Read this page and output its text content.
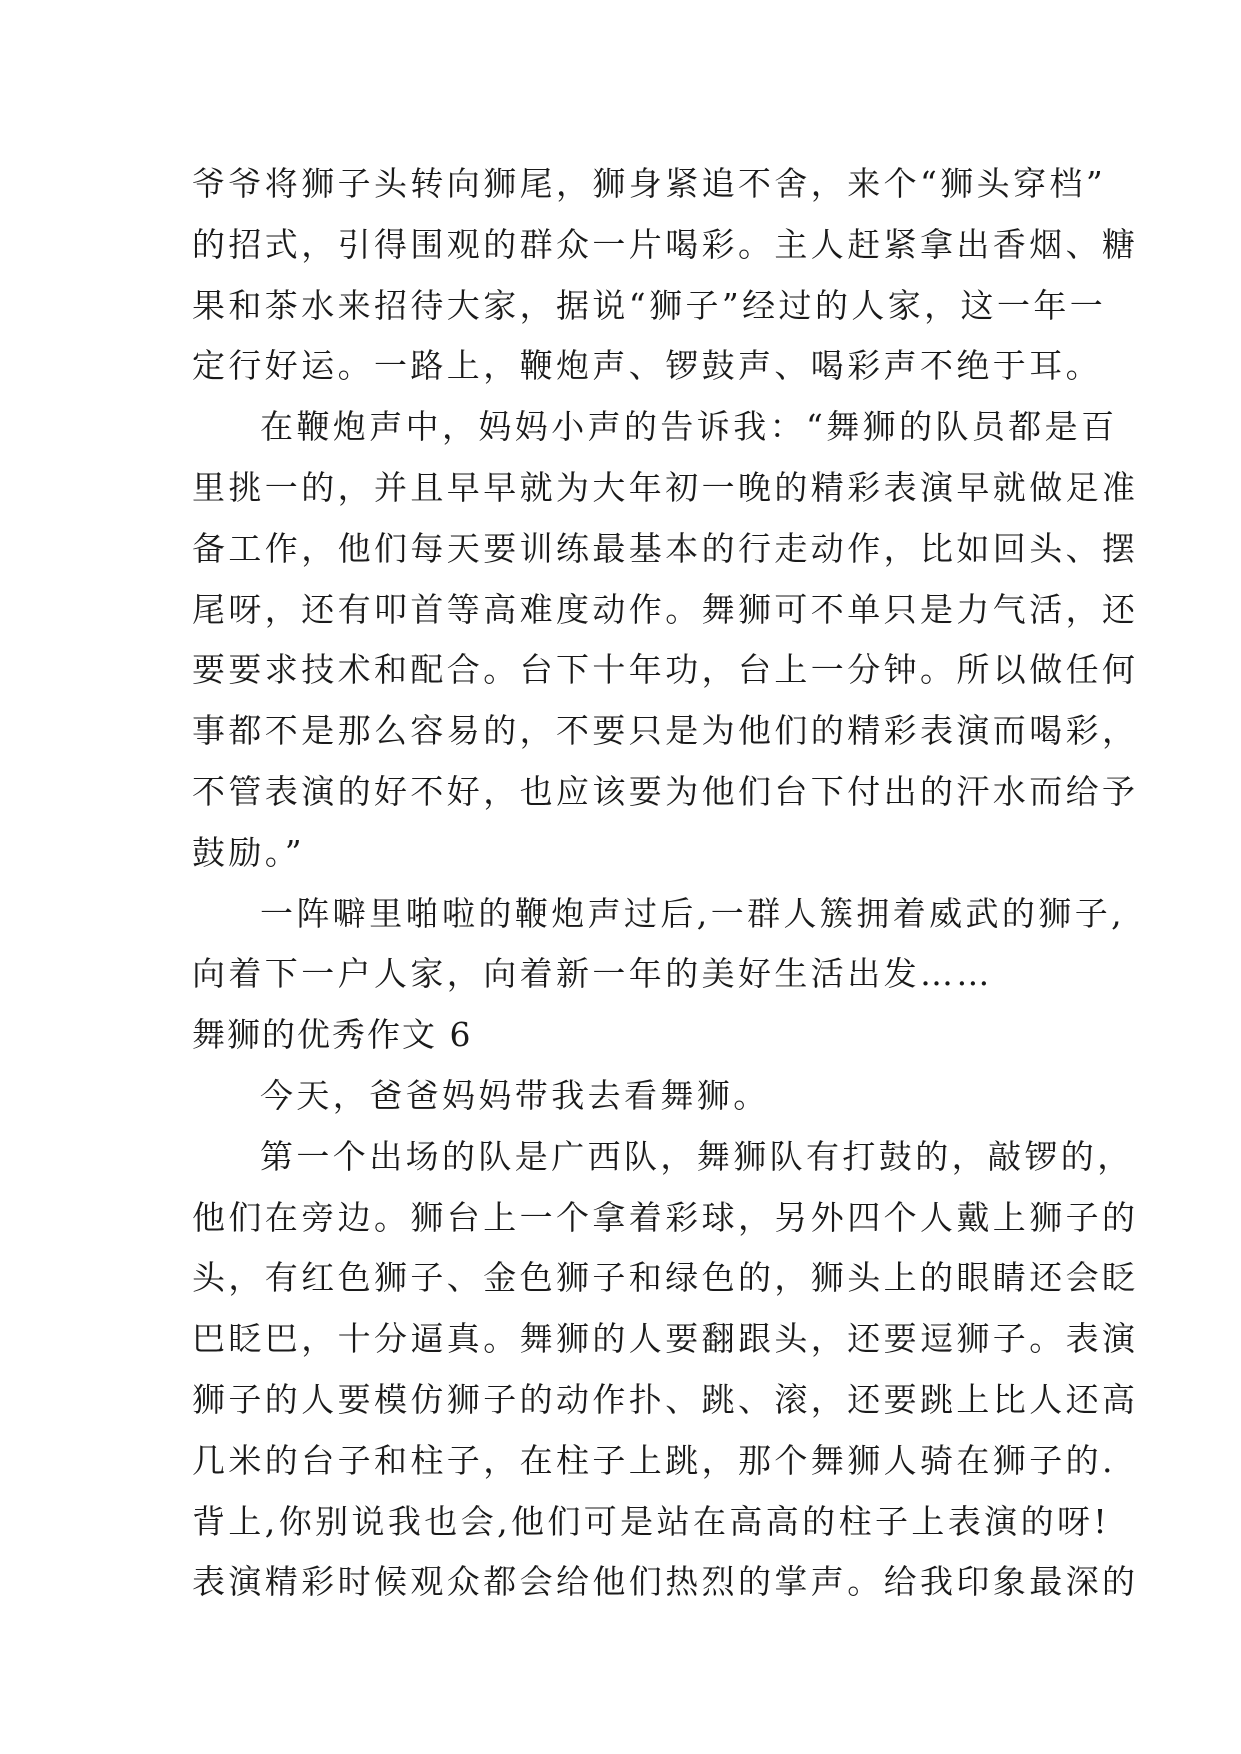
爷爷将狮子头转向狮尾，狮身紧追不舍，来个“狮头穿档”
的招式，引得围观的群众一片喝彩。主人赶紧拿出香烟、糖
果和茶水来招待大家，据说“狮子”经过的人家，这一年一
定行好运。一路上，鞭炮声、锣鼓声、喝彩声不绝于耳。
在鞭炮声中，妈妈小声的告诉我：“舞狮的队员都是百
里挑一的，并且早早就为大年初一晚的精彩表演早就做足准
备工作，他们每天要训练最基本的行走动作，比如回头、摆
尾呀，还有叩首等高难度动作。舞狮可不单只是力气活，还
要要求技术和配合。台下十年功，台上一分钟。所以做任何
事都不是那么容易的，不要只是为他们的精彩表演而喝彩，
不管表演的好不好，也应该要为他们台下付出的汗水而给予
鼓励。”
一阵噼里啪啦的鞭炮声过后,一群人簇拥着威武的狮子,
向着下一户人家，向着新一年的美好生活出发……
舞狮的优秀作文 6
今天，爸爸妈妈带我去看舞狮。
第一个出场的队是广西队，舞狮队有打鼓的，敲锣的，
他们在旁边。狮台上一个拿着彩球，另外四个人戴上狮子的
头，有红色狮子、金色狮子和绿色的，狮头上的眼睛还会眨
巴眨巴，十分逼真。舞狮的人要翻跟头，还要逗狮子。表演
狮子的人要模仿狮子的动作扑、跳、滚，还要跳上比人还高
几米的台子和柱子，在柱子上跳，那个舞狮人骑在狮子的.
背上,你别说我也会,他们可是站在高高的柱子上表演的呀!
表演精彩时候观众都会给他们热烈的掌声。给我印象最深的
